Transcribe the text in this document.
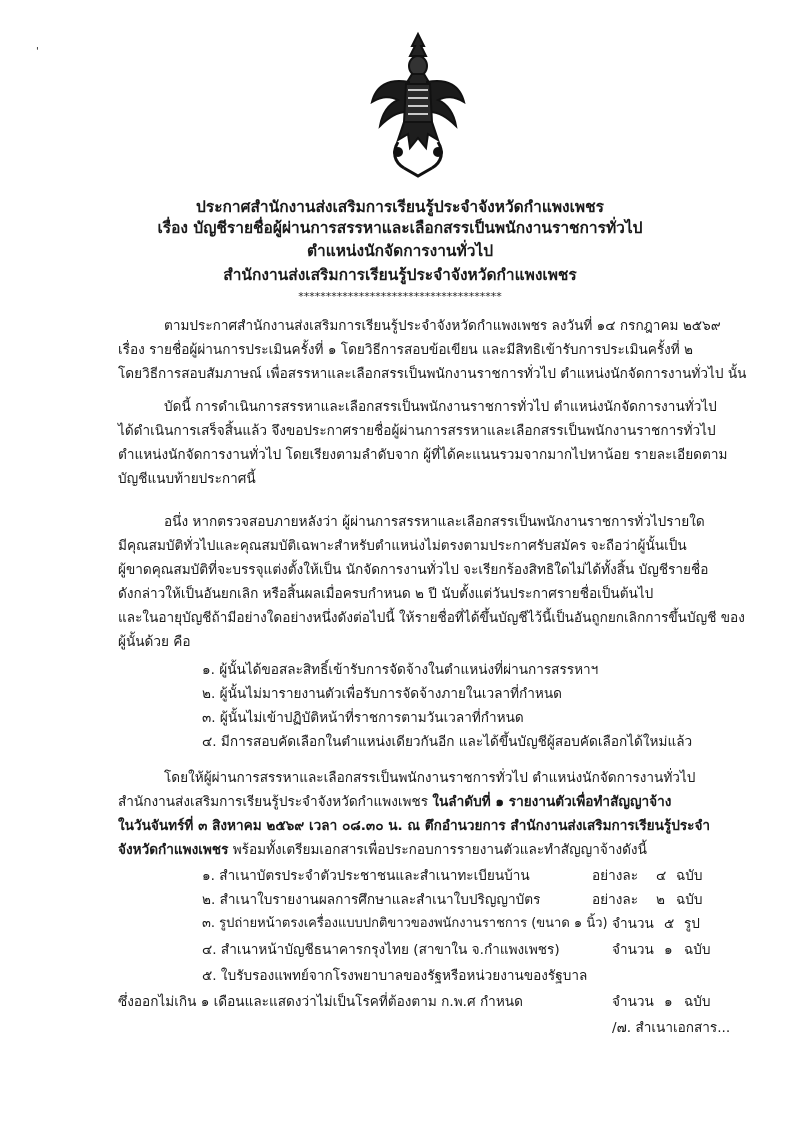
'
ประกาศสำนักงานส่งเสริมการเรียนรู้ประจำจังหวัดกำแพงเพชร
เรื่อง บัญชีรายชื่อผู้ผ่านการสรรหาและเลือกสรรเป็นพนักงานราชการทั่วไป
ตำแหน่งนักจัดการงานทั่วไป
สำนักงานส่งเสริมการเรียนรู้ประจำจังหวัดกำแพงเพชร
*************************************
ตามประกาศสำนักงานส่งเสริมการเรียนรู้ประจำจังหวัดกำแพงเพชร ลงวันที่ ๑๔ กรกฎาคม ๒๕๖๙
เรื่อง รายชื่อผู้ผ่านการประเมินครั้งที่ ๑ โดยวิธีการสอบข้อเขียน และมีสิทธิเข้ารับการประเมินครั้งที่ ๒
โดยวิธีการสอบสัมภาษณ์ เพื่อสรรหาและเลือกสรรเป็นพนักงานราชการทั่วไป ตำแหน่งนักจัดการงานทั่วไป นั้น
บัดนี้ การดำเนินการสรรหาและเลือกสรรเป็นพนักงานราชการทั่วไป ตำแหน่งนักจัดการงานทั่วไป
ได้ดำเนินการเสร็จสิ้นแล้ว จึงขอประกาศรายชื่อผู้ผ่านการสรรหาและเลือกสรรเป็นพนักงานราชการทั่วไป
ตำแหน่งนักจัดการงานทั่วไป โดยเรียงตามลำดับจาก ผู้ที่ได้คะแนนรวมจากมากไปหาน้อย รายละเอียดตาม
บัญชีแนบท้ายประกาศนี้
อนึ่ง หากตรวจสอบภายหลังว่า ผู้ผ่านการสรรหาและเลือกสรรเป็นพนักงานราชการทั่วไปรายใด
มีคุณสมบัติทั่วไปและคุณสมบัติเฉพาะสำหรับตำแหน่งไม่ตรงตามประกาศรับสมัคร จะถือว่าผู้นั้นเป็น
ผู้ขาดคุณสมบัติที่จะบรรจุแต่งตั้งให้เป็น นักจัดการงานทั่วไป จะเรียกร้องสิทธิใดไม่ได้ทั้งสิ้น บัญชีรายชื่อ
ดังกล่าวให้เป็นอันยกเลิก หรือสิ้นผลเมื่อครบกำหนด ๒ ปี นับตั้งแต่วันประกาศรายชื่อเป็นต้นไป
และในอายุบัญชีถ้ามีอย่างใดอย่างหนึ่งดังต่อไปนี้ ให้รายชื่อที่ได้ขึ้นบัญชีไว้นี้เป็นอันถูกยกเลิกการขึ้นบัญชี ของ
ผู้นั้นด้วย คือ
๑. ผู้นั้นได้ขอสละสิทธิ์เข้ารับการจัดจ้างในตำแหน่งที่ผ่านการสรรหาฯ
๒. ผู้นั้นไม่มารายงานตัวเพื่อรับการจัดจ้างภายในเวลาที่กำหนด
๓. ผู้นั้นไม่เข้าปฏิบัติหน้าที่ราชการตามวันเวลาที่กำหนด
๔. มีการสอบคัดเลือกในตำแหน่งเดียวกันอีก และได้ขึ้นบัญชีผู้สอบคัดเลือกได้ใหม่แล้ว
โดยให้ผู้ผ่านการสรรหาและเลือกสรรเป็นพนักงานราชการทั่วไป ตำแหน่งนักจัดการงานทั่วไป
สำนักงานส่งเสริมการเรียนรู้ประจำจังหวัดกำแพงเพชร ในลำดับที่ ๑ รายงานตัวเพื่อทำสัญญาจ้าง
ในวันจันทร์ที่ ๓ สิงหาคม ๒๕๖๙ เวลา ๐๘.๓๐ น. ณ ตึกอำนวยการ สำนักงานส่งเสริมการเรียนรู้ประจำ
จังหวัดกำแพงเพชร พร้อมทั้งเตรียมเอกสารเพื่อประกอบการรายงานตัวและทำสัญญาจ้างดังนี้
๑. สำเนาบัตรประจำตัวประชาชนและสำเนาทะเบียนบ้าน	อย่างละ ๔ ฉบับ
๒. สำเนาใบรายงานผลการศึกษาและสำเนาใบปริญญาบัตร	อย่างละ ๒ ฉบับ
๓. รูปถ่ายหน้าตรงเครื่องแบบปกติขาวของพนักงานราชการ (ขนาด ๑ นิ้ว) จำนวน ๕ รูป
๔. สำเนาหน้าบัญชีธนาคารกรุงไทย (สาขาใน จ.กำแพงเพชร)	จำนวน ๑ ฉบับ
๕. ใบรับรองแพทย์จากโรงพยาบาลของรัฐหรือหน่วยงานของรัฐบาล
ซึ่งออกไม่เกิน ๑ เดือนและแสดงว่าไม่เป็นโรคที่ต้องตาม ก.พ.ศ กำหนด	จำนวน ๑ ฉบับ
/๗. สำเนาเอกสาร...
